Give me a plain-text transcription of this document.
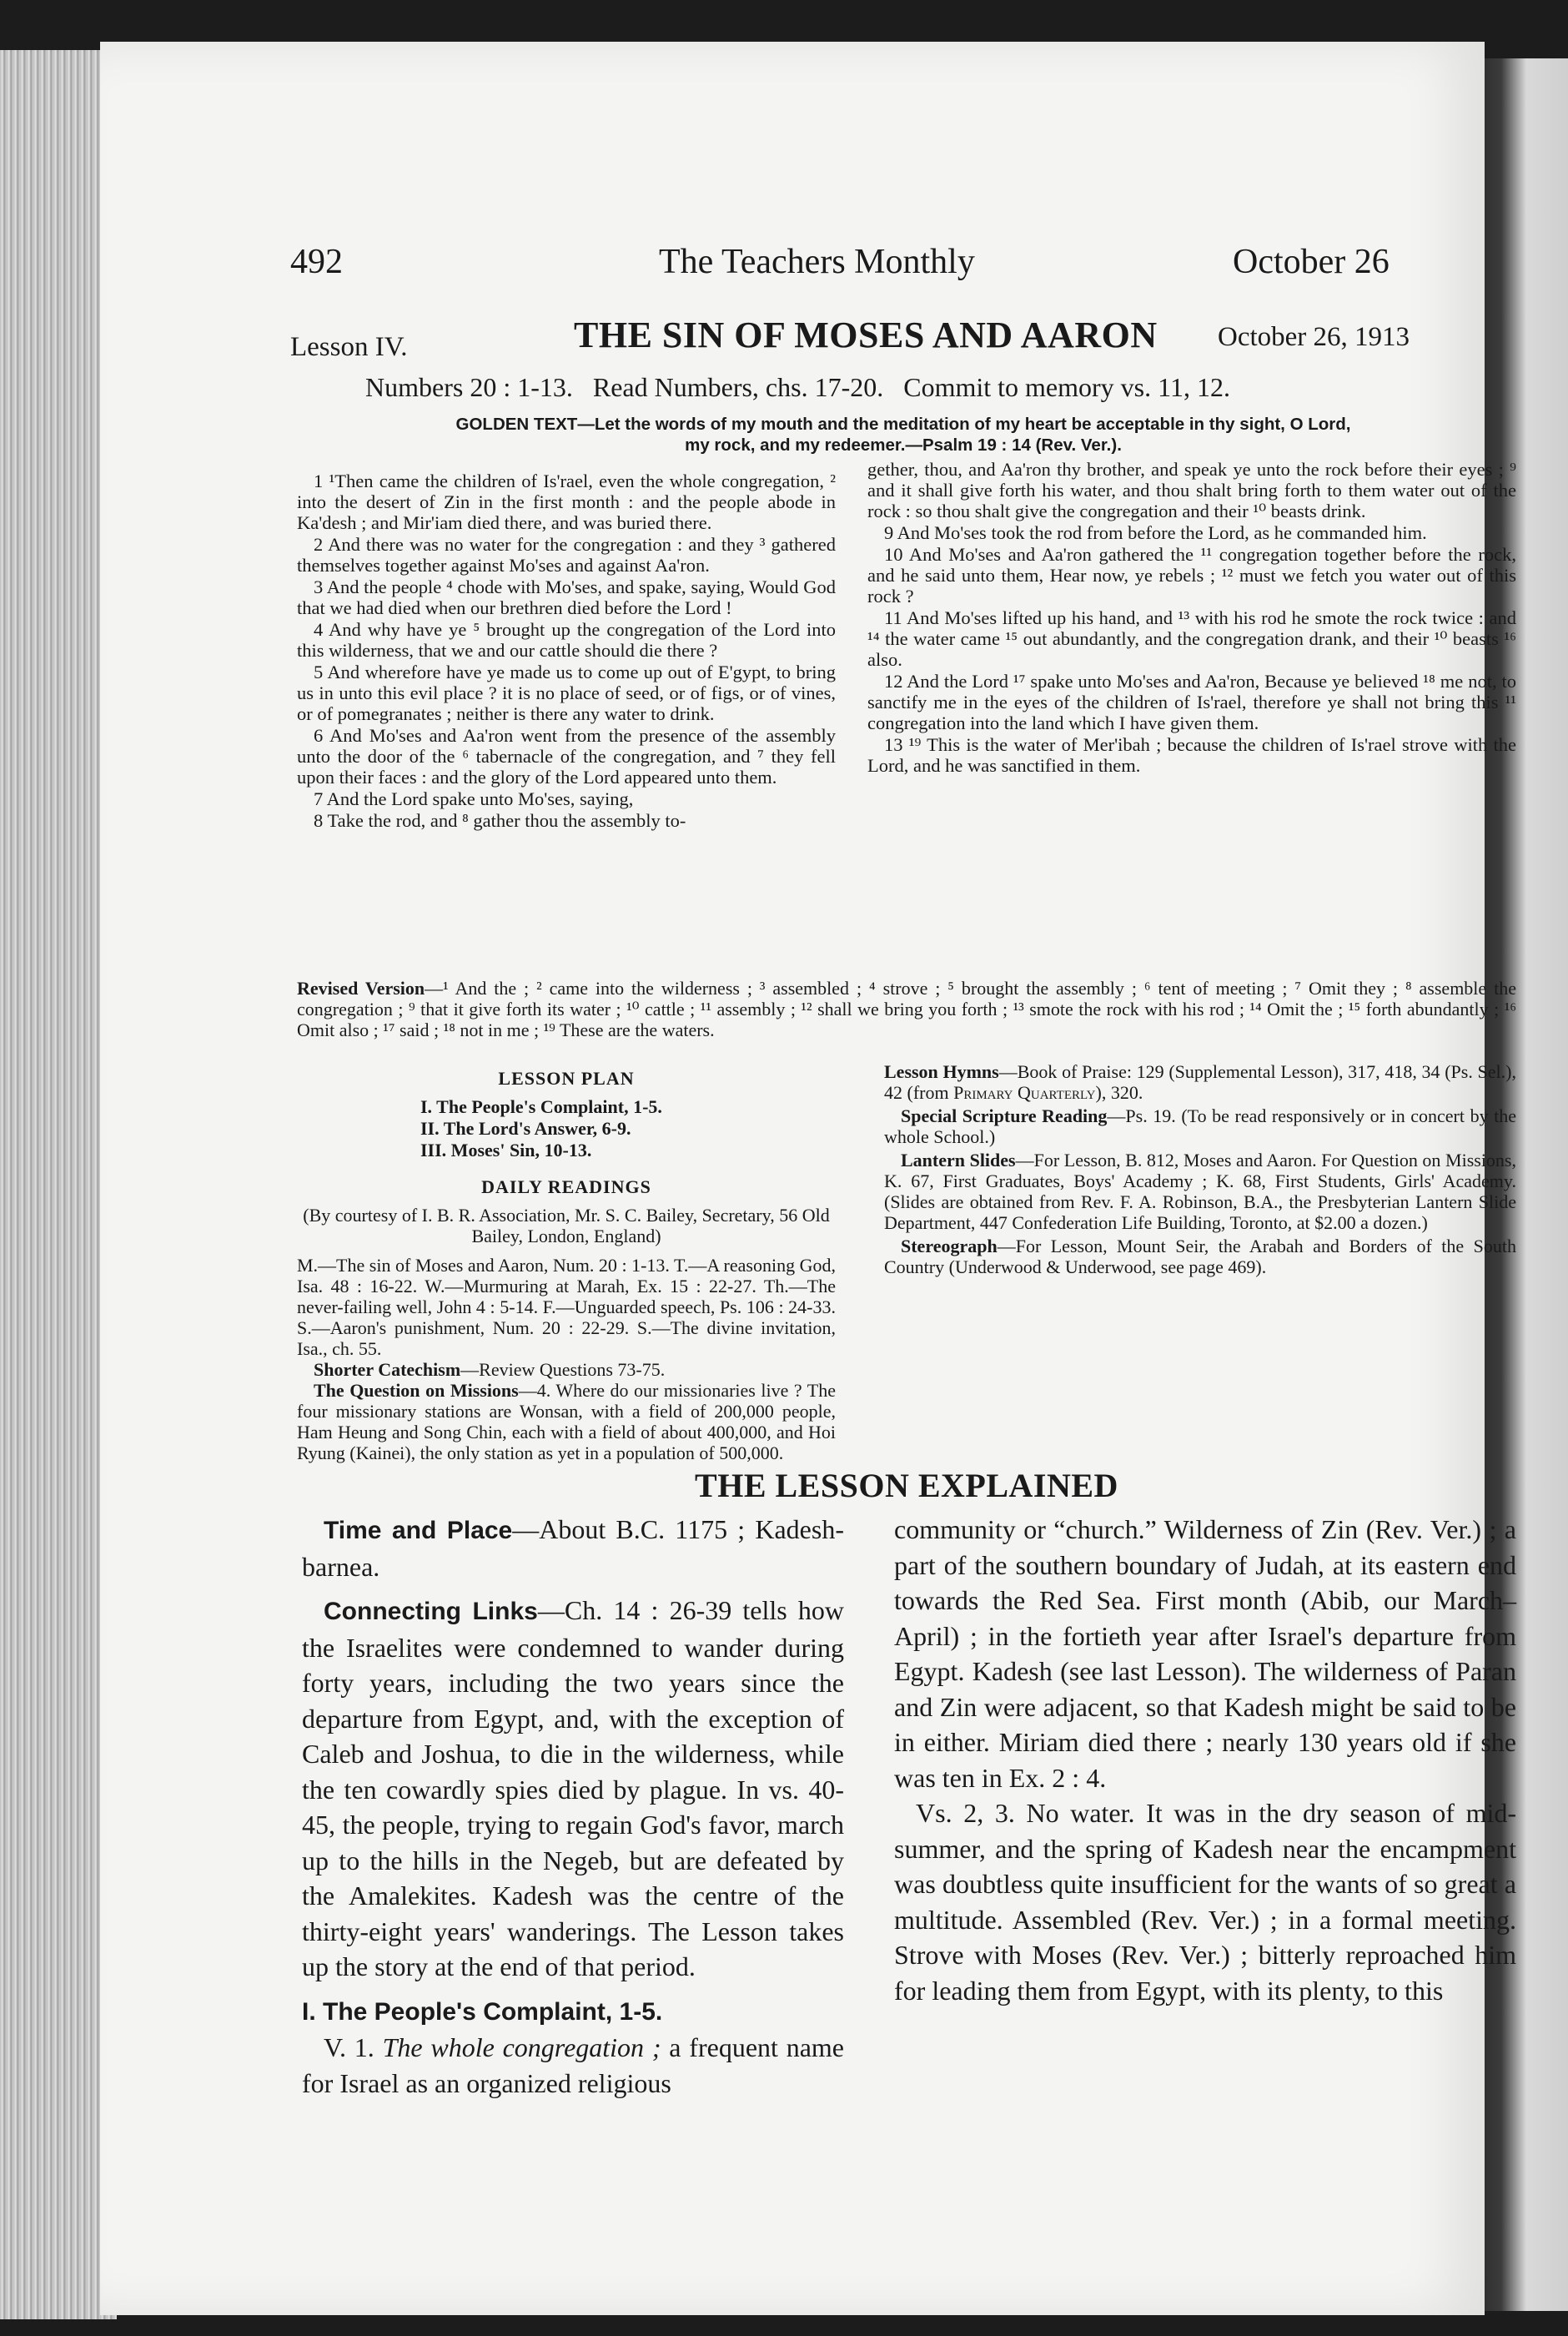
492	The Teachers Monthly	October 26
Lesson IV.	THE SIN OF MOSES AND AARON October 26, 1913
Numbers 20 : 1-13.   Read Numbers, chs. 17-20.   Commit to memory vs. 11, 12.
GOLDEN TEXT—Let the words of my mouth and the meditation of my heart be acceptable in thy sight, O Lord,
my rock, and my redeemer.—Psalm 19 : 14 (Rev. Ver.).

1 ¹Then came the children of Is'rael, even the whole congregation, ² into the desert of Zin in the first month : and the people abode in Ka'desh ; and Mir'iam died there, and was buried there.

2 And there was no water for the congregation : and they ³ gathered themselves together against Mo'ses and against Aa'ron.

3 And the people ⁴ chode with Mo'ses, and spake, saying, Would God that we had died when our brethren died before the Lord !

4 And why have ye ⁵ brought up the congregation of the Lord into this wilderness, that we and our cattle should die there ?

5 And wherefore have ye made us to come up out of E'gypt, to bring us in unto this evil place ? it is no place of seed, or of figs, or of vines, or of pomegranates ; neither is there any water to drink.

6 And Mo'ses and Aa'ron went from the presence of the assembly unto the door of the ⁶ tabernacle of the congregation, and ⁷ they fell upon their faces : and the glory of the Lord appeared unto them.

7 And the Lord spake unto Mo'ses, saying,

8 Take the rod, and ⁸ gather thou the assembly to-

gether, thou, and Aa'ron thy brother, and speak ye unto the rock before their eyes ; ⁹ and it shall give forth his water, and thou shalt bring forth to them water out of the rock : so thou shalt give the congregation and their ¹⁰ beasts drink.

9 And Mo'ses took the rod from before the Lord, as he commanded him.

10 And Mo'ses and Aa'ron gathered the ¹¹ congregation together before the rock, and he said unto them, Hear now, ye rebels ; ¹² must we fetch you water out of this rock ?

11 And Mo'ses lifted up his hand, and ¹³ with his rod he smote the rock twice : and ¹⁴ the water came ¹⁵ out abundantly, and the congregation drank, and their ¹⁰ beasts ¹⁶ also.

12 And the Lord ¹⁷ spake unto Mo'ses and Aa'ron, Because ye believed ¹⁸ me not, to sanctify me in the eyes of the children of Is'rael, therefore ye shall not bring this ¹¹ congregation into the land which I have given them.

13 ¹⁹ This is the water of Mer'ibah ; because the children of Is'rael strove with the Lord, and he was sanctified in them.

Revised Version—¹ And the ; ² came into the wilderness ; ³ assembled ; ⁴ strove ; ⁵ brought the assembly ; ⁶ tent of meeting ; ⁷ Omit they ; ⁸ assemble the congregation ; ⁹ that it give forth its water ; ¹⁰ cattle ; ¹¹ assembly ; ¹² shall we bring you forth ; ¹³ smote the rock with his rod ; ¹⁴ Omit the ; ¹⁵ forth abundantly ; ¹⁶ Omit also ; ¹⁷ said ; ¹⁸ not in me ; ¹⁹ These are the waters.
LESSON PLAN
I. The People's Complaint, 1-5.
II. The Lord's Answer, 6-9.
III. Moses' Sin, 10-13.
DAILY READINGS
(By courtesy of I. B. R. Association, Mr. S. C. Bailey, Secretary, 56 Old Bailey, London, England)
M.—The sin of Moses and Aaron, Num. 20 : 1-13. T.—A reasoning God, Isa. 48 : 16-22. W.—Murmuring at Marah, Ex. 15 : 22-27. Th.—The never-failing well, John 4 : 5-14. F.—Unguarded speech, Ps. 106 : 24-33. S.—Aaron's punishment, Num. 20 : 22-29. S.—The divine invitation, Isa., ch. 55.
Shorter Catechism—Review Questions 73-75.
The Question on Missions—4. Where do our missionaries live ? The four missionary stations are Wonsan, with a field of 200,000 people, Ham Heung and Song Chin, each with a field of about 400,000, and Hoi Ryung (Kainei), the only station as yet in a population of 500,000.

Lesson Hymns—Book of Praise: 129 (Supplemental Lesson), 317, 418, 34 (Ps. Sel.), 42 (from Primary Quarterly), 320.

Special Scripture Reading—Ps. 19. (To be read responsively or in concert by the whole School.)

Lantern Slides—For Lesson, B. 812, Moses and Aaron. For Question on Missions, K. 67, First Graduates, Boys' Academy ; K. 68, First Students, Girls' Academy. (Slides are obtained from Rev. F. A. Robinson, B.A., the Presbyterian Lantern Slide Department, 447 Confederation Life Building, Toronto, at $2.00 a dozen.)

Stereograph—For Lesson, Mount Seir, the Arabah and Borders of the South Country (Underwood & Underwood, see page 469).

THE LESSON EXPLAINED

Time and Place—About B.C. 1175 ; Kadesh-barnea.

Connecting Links—Ch. 14 : 26-39 tells how the Israelites were condemned to wander during forty years, including the two years since the departure from Egypt, and, with the exception of Caleb and Joshua, to die in the wilderness, while the ten cowardly spies died by plague. In vs. 40-45, the people, trying to regain God's favor, march up to the hills in the Negeb, but are defeated by the Amalekites. Kadesh was the centre of the thirty-eight years' wanderings. The Lesson takes up the story at the end of that period.

I. The People's Complaint, 1-5.

V. 1. The whole congregation ; a frequent name for Israel as an organized religious

community or “church.” Wilderness of Zin (Rev. Ver.) ; a part of the southern boundary of Judah, at its eastern end towards the Red Sea. First month (Abib, our March–April) ; in the fortieth year after Israel's departure from Egypt. Kadesh (see last Lesson). The wilderness of Paran and Zin were adjacent, so that Kadesh might be said to be in either. Miriam died there ; nearly 130 years old if she was ten in Ex. 2 : 4.

Vs. 2, 3. No water. It was in the dry season of mid-summer, and the spring of Kadesh near the encampment was doubtless quite insufficient for the wants of so great a multitude. Assembled (Rev. Ver.) ; in a formal meeting. Strove with Moses (Rev. Ver.) ; bitterly reproached him for leading them from Egypt, with its plenty, to this
